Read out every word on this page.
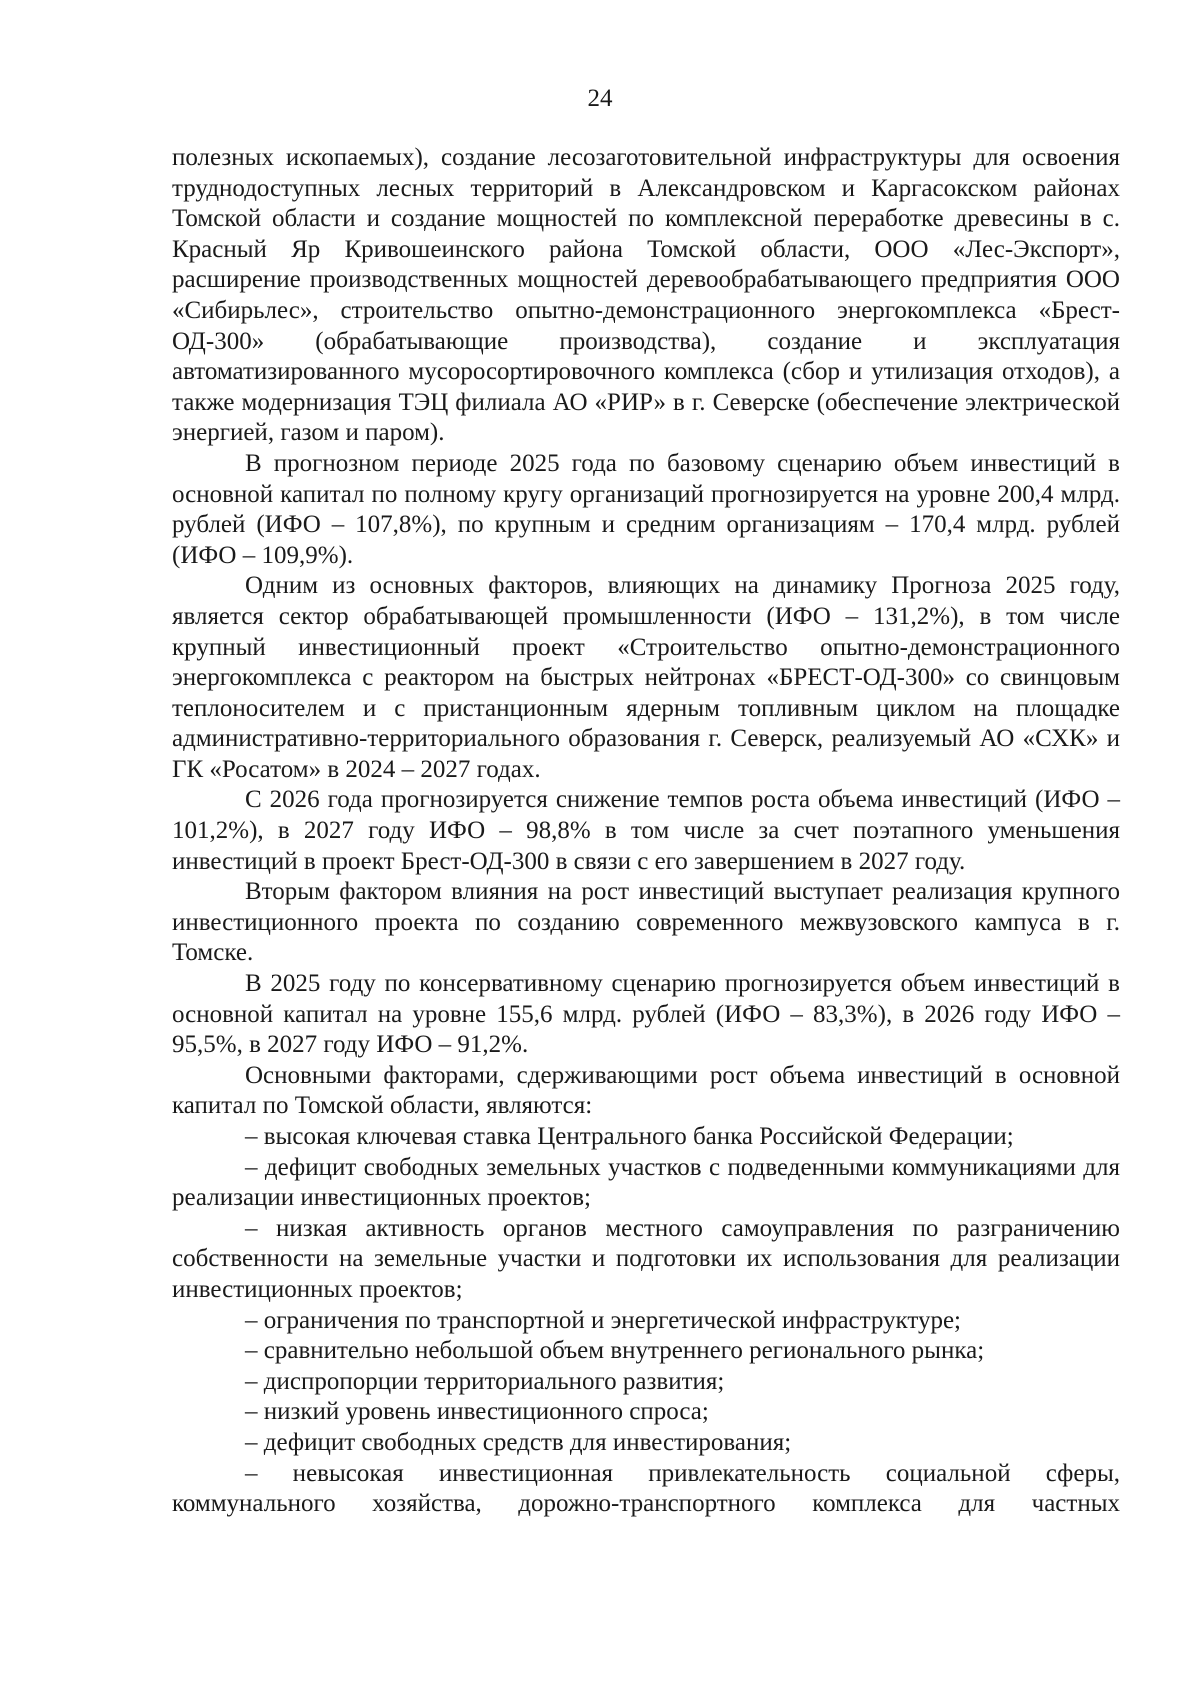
24

полезных ископаемых), создание лесозаготовительной инфраструктуры для освоения труднодоступных лесных территорий в Александровском и Каргасокском районах Томской области и создание мощностей по комплексной переработке древесины в с. Красный Яр Кривошеинского района Томской области, ООО «Лес-Экспорт», расширение производственных мощностей деревообрабатывающего предприятия ООО «Сибирьлес», строительство опытно-демонстрационного энергокомплекса «Брест-ОД-300» (обрабатывающие производства), создание и эксплуатация автоматизированного мусоросортировочного комплекса (сбор и утилизация отходов), а также модернизация ТЭЦ филиала АО «РИР» в г. Северске (обеспечение электрической энергией, газом и паром).

В прогнозном периоде 2025 года по базовому сценарию объем инвестиций в основной капитал по полному кругу организаций прогнозируется на уровне 200,4 млрд. рублей (ИФО – 107,8%), по крупным и средним организациям – 170,4 млрд. рублей (ИФО – 109,9%).

Одним из основных факторов, влияющих на динамику Прогноза 2025 году, является сектор обрабатывающей промышленности (ИФО – 131,2%), в том числе крупный инвестиционный проект «Строительство опытно-демонстрационного энергокомплекса с реактором на быстрых нейтронах «БРЕСТ-ОД-300» со свинцовым теплоносителем и с пристанционным ядерным топливным циклом на площадке административно-территориального образования г. Северск, реализуемый АО «СХК» и ГК «Росатом» в 2024 – 2027 годах.

С 2026 года прогнозируется снижение темпов роста объема инвестиций (ИФО – 101,2%), в 2027 году ИФО – 98,8% в том числе за счет поэтапного уменьшения инвестиций в проект Брест-ОД-300 в связи с его завершением в 2027 году.

Вторым фактором влияния на рост инвестиций выступает реализация крупного инвестиционного проекта по созданию современного межвузовского кампуса в г. Томске.

В 2025 году по консервативному сценарию прогнозируется объем инвестиций в основной капитал на уровне 155,6 млрд. рублей (ИФО – 83,3%), в 2026 году ИФО – 95,5%, в 2027 году ИФО – 91,2%.

Основными факторами, сдерживающими рост объема инвестиций в основной капитал по Томской области, являются:

– высокая ключевая ставка Центрального банка Российской Федерации;

– дефицит свободных земельных участков с подведенными коммуникациями для реализации инвестиционных проектов;

– низкая активность органов местного самоуправления по разграничению собственности на земельные участки и подготовки их использования для реализации инвестиционных проектов;

– ограничения по транспортной и энергетической инфраструктуре;

– сравнительно небольшой объем внутреннего регионального рынка;

– диспропорции территориального развития;

– низкий уровень инвестиционного спроса;

– дефицит свободных средств для инвестирования;

– невысокая инвестиционная привлекательность социальной сферы, коммунального хозяйства, дорожно-транспортного комплекса для частных
